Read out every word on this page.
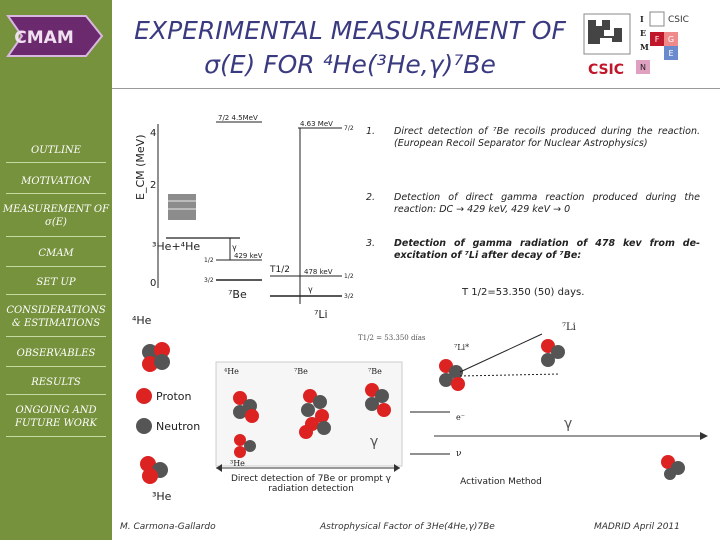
CMAM
OUTLINE
MOTIVATION
MEASUREMENT OF σ(E)
CMAM
SET UP
CONSIDERATIONS & ESTIMATIONS
OBSERVABLES
RESULTS
ONGOING AND FUTURE WORK
EXPERIMENTAL MEASUREMENT OF
σ(E) FOR ⁴He(³He,γ)⁷Be	CSIC
I
E
M
F G
E
N
CSIC
4
2
0
E_CM (MeV)
³He+⁴He
7/2 4.5MeV
429 keV
1/2
3/2
⁷Be
γ
4.63 MeV
7/2
478 keV
1/2
3/2
T1/2
γ
⁷Li
1. Direct detection of ⁷Be recoils produced during the reaction. (European Recoil Separator for Nuclear Astrophysics)
2. Detection of direct gamma reaction produced during the reaction: DC → 429 keV, 429 keV → 0
3. Detection of gamma radiation of 478 kev from de-excitation of ⁷Li after decay of ⁷Be:
T 1/2=53.350 (50) days.
⁴He
Proton
Neutron
³He
T1/2 = 53.350 días
⁴He
³He
⁷Be	⁷Be
γ
⁷Li*
⁷Li
e⁻	γ
ν
Direct detection of 7Be or prompt γ radiation detection
Activation Method
M. Carmona-Gallardo	Astrophysical Factor of 3He(4He,γ)7Be	MADRID April 2011
